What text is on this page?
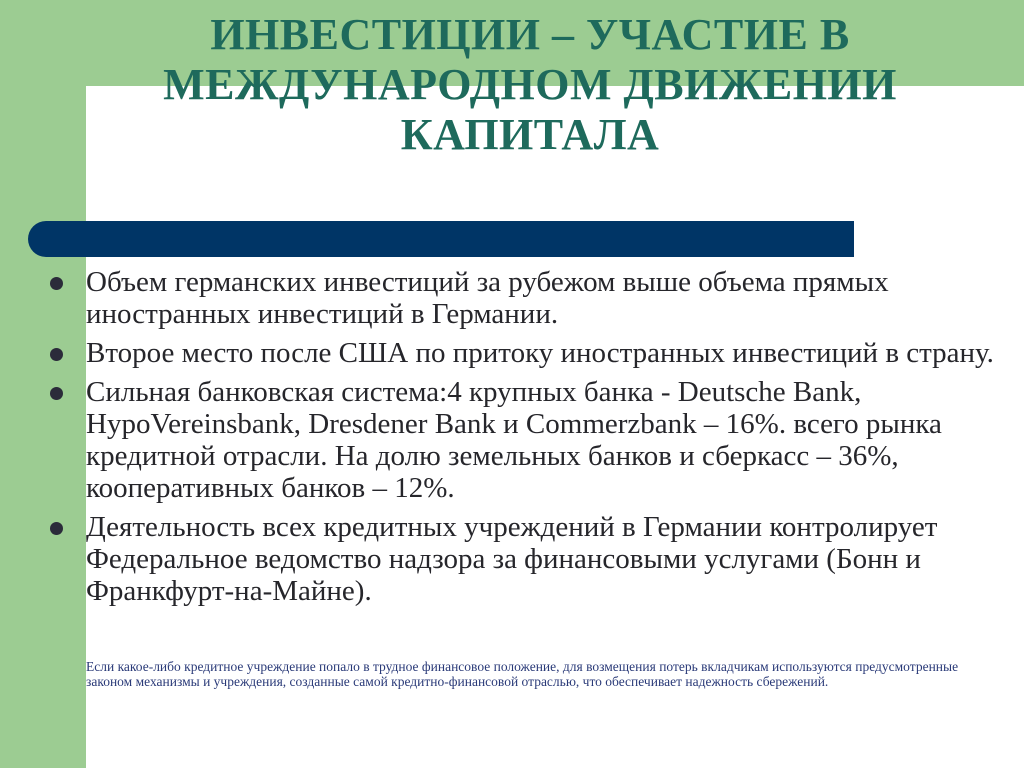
ИНВЕСТИЦИИ – УЧАСТИЕ В
МЕЖДУНАРОДНОМ ДВИЖЕНИИ
КАПИТАЛА
Объем германских инвестиций за рубежом выше объема прямых иностранных инвестиций в Германии.
Второе место после США по притоку иностранных инвестиций в страну.
Сильная банковская система:4 крупных банка - Deutsche Bank, HypoVereinsbank, Dresdener Bank и Commerzbank – 16%. всего рынка кредитной отрасли. На долю земельных банков и сберкасс – 36%, кооперативных банков – 12%.
Деятельность всех кредитных учреждений в Германии контролирует Федеральное ведомство надзора за финансовыми услугами (Бонн и Франкфурт-на-Майне).

Если какое-либо кредитное учреждение попало в трудное финансовое положение, для возмещения потерь вкладчикам используются предусмотренные законом механизмы и учреждения, созданные самой кредитно-финансовой отраслью, что обеспечивает надежность сбережений.
